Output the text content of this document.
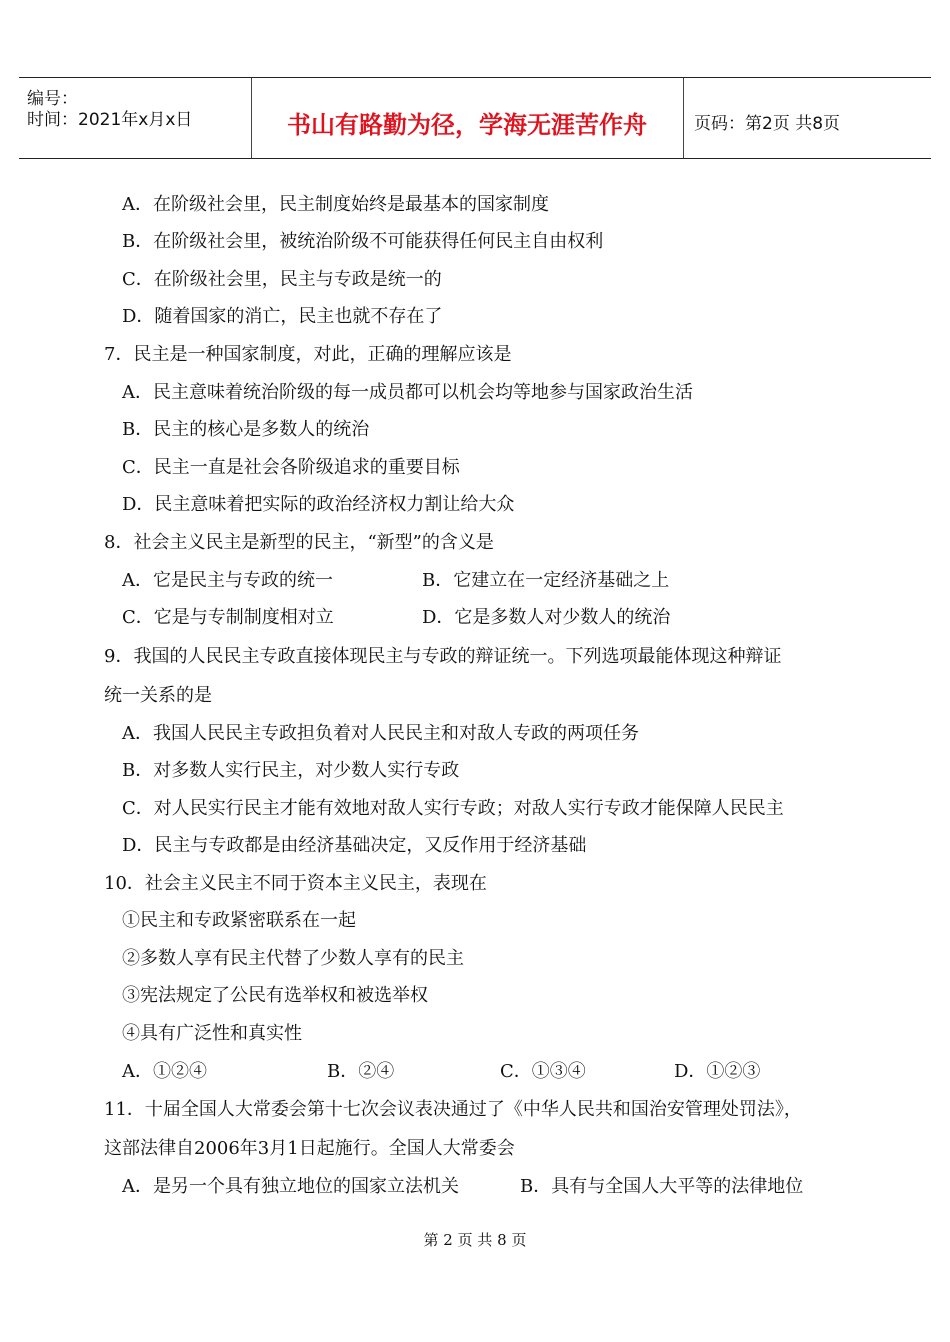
编号：
时间：2021年x月x日	书山有路勤为径，学海无涯苦作舟	页码：第2页 共8页
A．在阶级社会里，民主制度始终是最基本的国家制度
B．在阶级社会里，被统治阶级不可能获得任何民主自由权利
C．在阶级社会里，民主与专政是统一的
D．随着国家的消亡，民主也就不存在了
7．民主是一种国家制度，对此，正确的理解应该是
A．民主意味着统治阶级的每一成员都可以机会均等地参与国家政治生活
B．民主的核心是多数人的统治
C．民主一直是社会各阶级追求的重要目标
D．民主意味着把实际的政治经济权力割让给大众
8．社会主义民主是新型的民主，“新型”的含义是
A．它是民主与专政的统一	B．它建立在一定经济基础之上
C．它是与专制制度相对立	D．它是多数人对少数人的统治
9．我国的人民民主专政直接体现民主与专政的辩证统一。下列选项最能体现这种辩证
统一关系的是
A．我国人民民主专政担负着对人民民主和对敌人专政的两项任务
B．对多数人实行民主，对少数人实行专政
C．对人民实行民主才能有效地对敌人实行专政；对敌人实行专政才能保障人民民主
D．民主与专政都是由经济基础决定，又反作用于经济基础
10．社会主义民主不同于资本主义民主，表现在
①民主和专政紧密联系在一起
②多数人享有民主代替了少数人享有的民主
③宪法规定了公民有选举权和被选举权
④具有广泛性和真实性
A．①②④	B．②④	C．①③④	D．①②③
11．十届全国人大常委会第十七次会议表决通过了《中华人民共和国治安管理处罚法》，
这部法律自2006年3月1日起施行。全国人大常委会
A．是另一个具有独立地位的国家立法机关	B．具有与全国人大平等的法律地位
第 2 页 共 8 页
